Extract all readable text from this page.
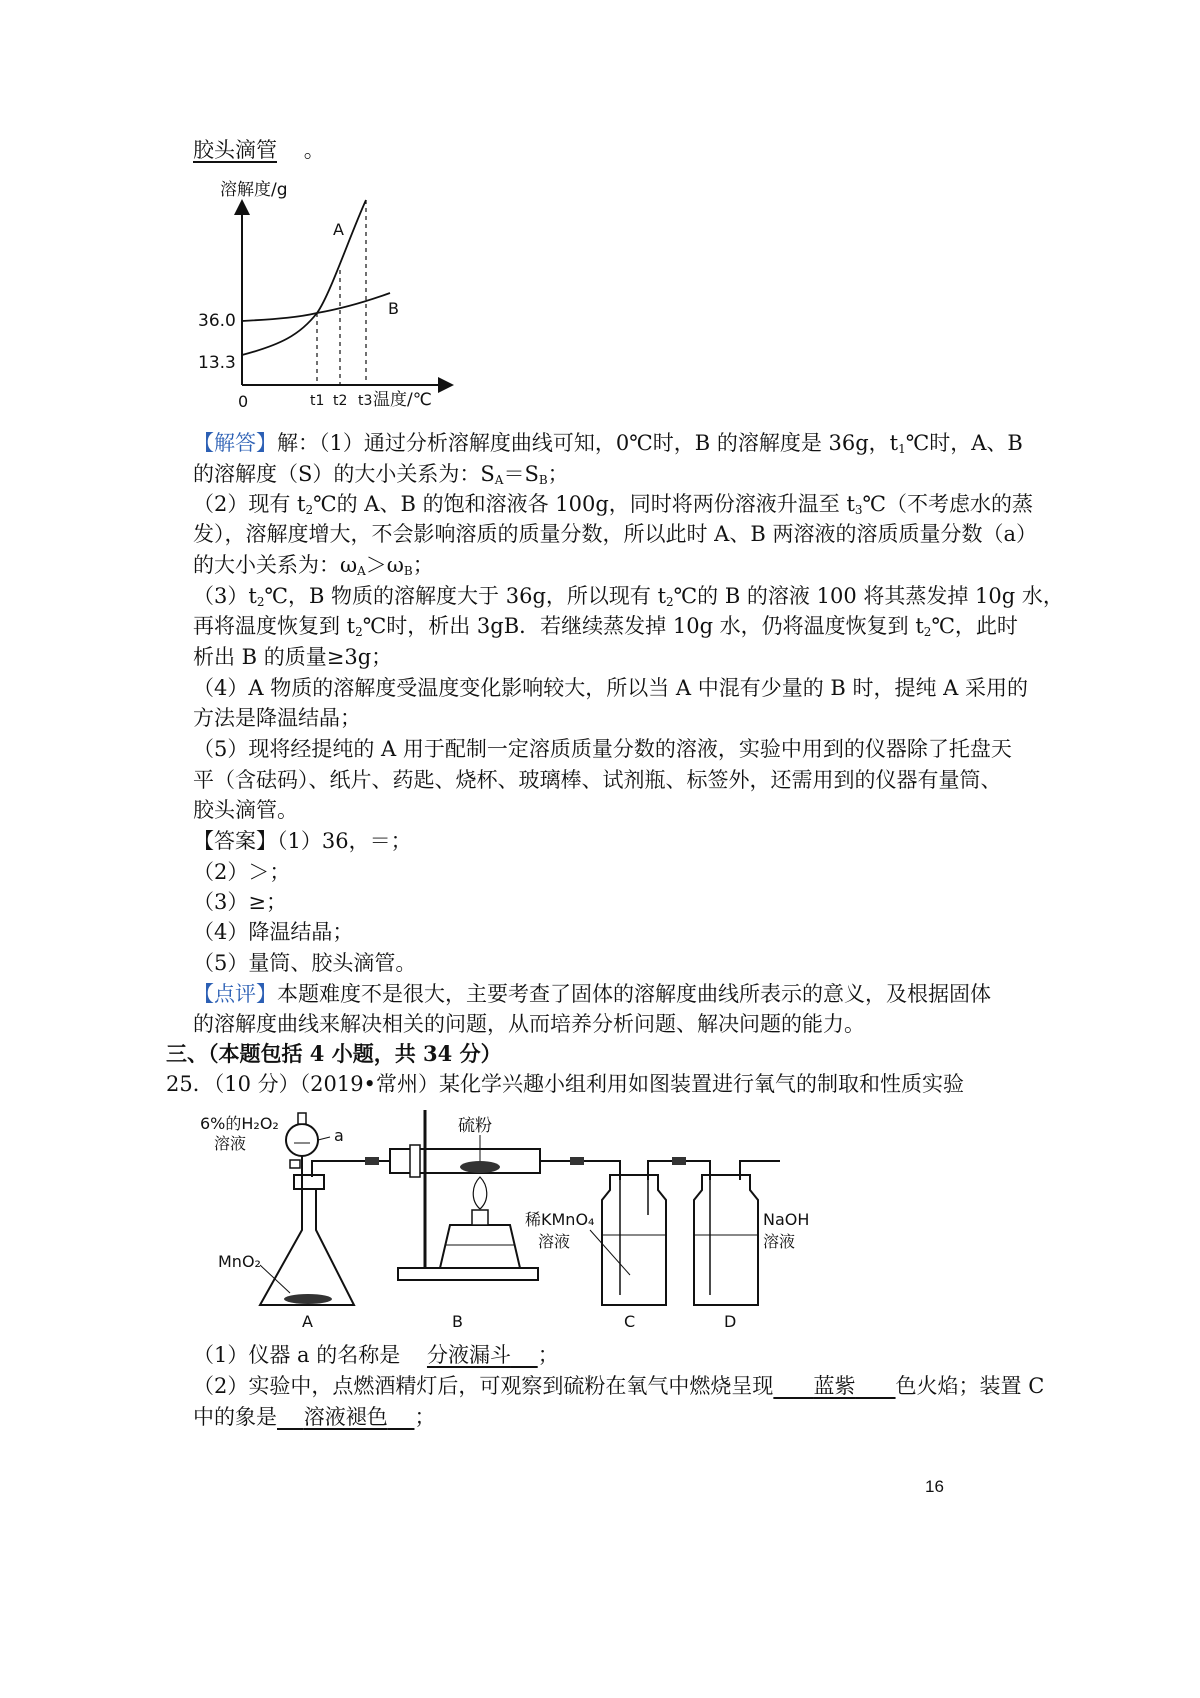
胶头滴管   。
溶解度/g
36.0
13.3
0
A
B
t1 t2 t3 温度/℃
【解答】解：（1）通过分析溶解度曲线可知，0℃时，B 的溶解度是 36g，$t_1℃$时，A、B
的溶解度（S）的大小关系为：$S_A=S_B$；
（2）现有 $t_2℃$的 A、B 的饱和溶液各 100g，同时将两份溶液升温至 $t_3℃$（不考虑水的蒸
发），溶解度增大，不会影响溶质的质量分数，所以此时 A、B 两溶液的溶质质量分数（a）
的大小关系为：$\omega_A>\omega_B$；
$(3)t_2℃$，B 物质的溶解度大于 36g，所以现有 $t_2℃$的 B 的溶液 100 将其蒸发掉 10g 水，
再将温度恢复到 $t_2℃$时，析出 3gB．若继续蒸发掉 10g 水，仍将温度恢复到 $t_2℃$，此时
析出 B 的质量≥3g；
（4）A 物质的溶解度受温度变化影响较大，所以当 A 中混有少量的 B 时，提纯 A 采用的
方法是降温结晶；
（5）现将经提纯的 A 用于配制一定溶质质量分数的溶液，实验中用到的仪器除了托盘天
平（含砝码）、纸片、药匙、烧杯、玻璃棒、试剂瓶、标签外，还需用到的仪器有量筒、
胶头滴管。
【答案】（1）36，＝；
（2）＞；
（3）≥；
（4）降温结晶；
（5）量筒、胶头滴管。
【点评】本题难度不是很大，主要考查了固体的溶解度曲线所表示的意义，及根据固体
的溶解度曲线来解决相关的问题，从而培养分析问题、解决问题的能力。
三、（本题包括 4 小题，共 34 分）
25．（10 分）（2019•常州）某化学兴趣小组利用如图装置进行氧气的制取和性质实验
a
6%的H₂O₂
溶液
MnO₂
硫粉
稀KMnO₄
溶液
NaOH
溶液
A	B	C	D
（1）仪器 a 的名称是   分液漏斗   ；
（2）实验中，点燃酒精灯后，可观察到硫粉在氧气中燃烧呈现    蓝紫    色火焰；装置 C
中的象是   溶液褪色   ；
16
